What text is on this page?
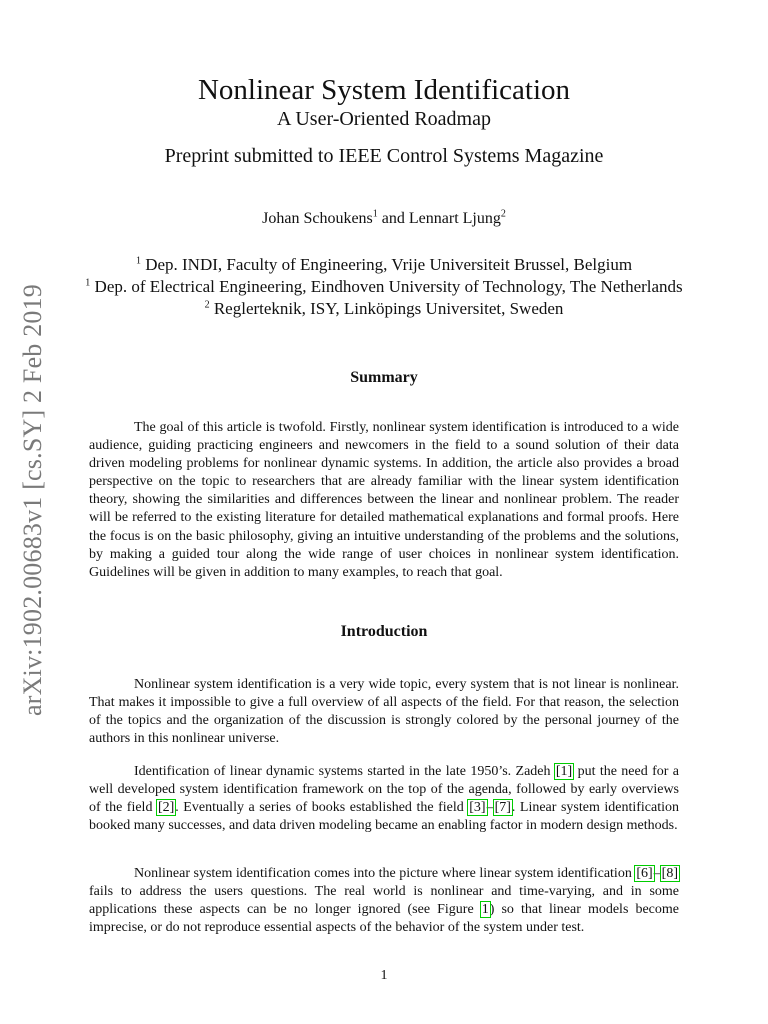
arXiv:1902.00683v1 [cs.SY] 2 Feb 2019
Nonlinear System Identification
A User-Oriented Roadmap
Preprint submitted to IEEE Control Systems Magazine
Johan Schoukens$^1$ and Lennart Ljung$^2$
$^1$ Dep. INDI, Faculty of Engineering, Vrije Universiteit Brussel, Belgium
$^1$ Dep. of Electrical Engineering, Eindhoven University of Technology, The Netherlands
$^2$ Reglerteknik, ISY, Linköpings Universitet, Sweden
Summary

The goal of this article is twofold. Firstly, nonlinear system identification is introduced to a wide audience, guiding practicing engineers and newcomers in the field to a sound solution of their data driven modeling problems for nonlinear dynamic systems. In addition, the article also provides a broad perspective on the topic to researchers that are already familiar with the linear system identification theory, showing the similarities and differences between the linear and nonlinear problem. The reader will be referred to the existing literature for detailed mathematical explanations and formal proofs. Here the focus is on the basic philosophy, giving an intuitive understanding of the problems and the solutions, by making a guided tour along the wide range of user choices in nonlinear system identification. Guidelines will be given in addition to many examples, to reach that goal.

Introduction

Nonlinear system identification is a very wide topic, every system that is not linear is nonlinear. That makes it impossible to give a full overview of all aspects of the field. For that reason, the selection of the topics and the organization of the discussion is strongly colored by the personal journey of the authors in this nonlinear universe.

Identification of linear dynamic systems started in the late 1950’s. Zadeh [1] put the need for a well developed system identification framework on the top of the agenda, followed by early overviews of the field [2]. Eventually a series of books established the field [3]–[7]. Linear system identification booked many successes, and data driven modeling became an enabling factor in modern design methods.

Nonlinear system identification comes into the picture where linear system identification [6]–[8] fails to address the users questions. The real world is nonlinear and time-varying, and in some applications these aspects can be no longer ignored (see Figure 1) so that linear models become imprecise, or do not reproduce essential aspects of the behavior of the system under test.

1
